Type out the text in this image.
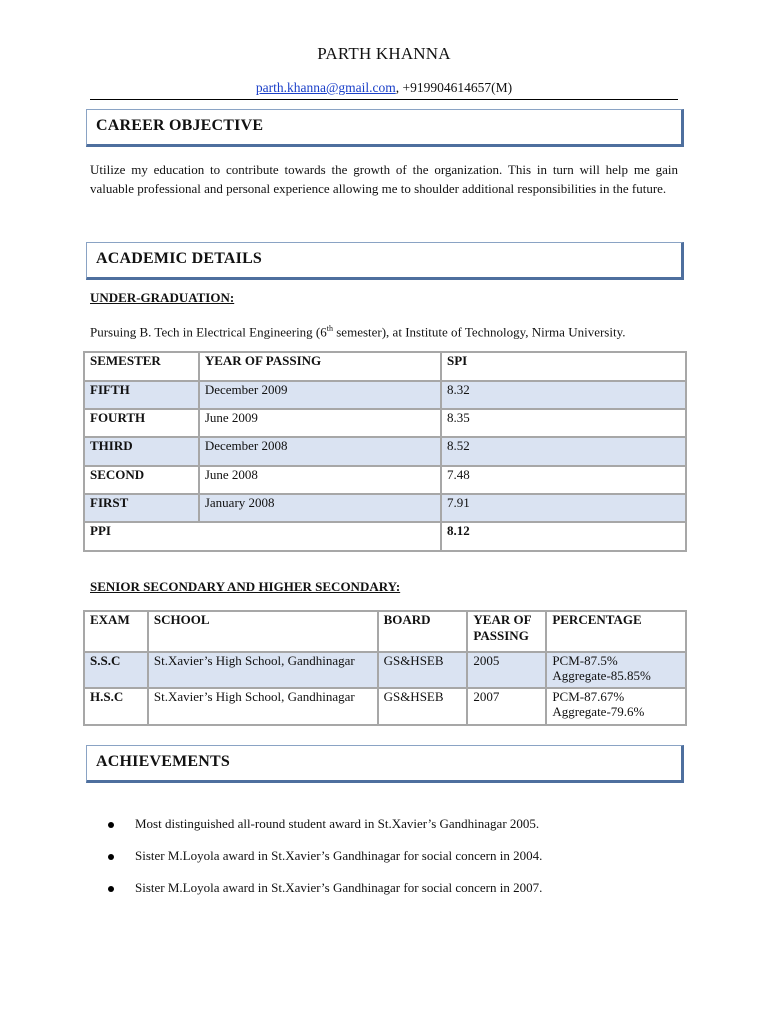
PARTH KHANNA
parth.khanna@gmail.com, +919904614657(M)
CAREER OBJECTIVE
Utilize my education to contribute towards the growth of the organization. This in turn will help me gain valuable professional and personal experience allowing me to shoulder additional responsibilities in the future.
ACADEMIC DETAILS
UNDER-GRADUATION:
Pursuing B. Tech in Electrical Engineering (6th semester), at Institute of Technology, Nirma University.
SEMESTER	YEAR OF PASSING	SPI
FIFTH	December 2009	8.32
FOURTH	June 2009	8.35
THIRD	December 2008	8.52
SECOND	June 2008	7.48
FIRST	January 2008	7.91
PPI		8.12
SENIOR SECONDARY AND HIGHER SECONDARY:
EXAM	SCHOOL	BOARD	YEAR OF PASSING	PERCENTAGE
S.S.C	St.Xavier’s High School, Gandhinagar	GS&HSEB	2005	PCM-87.5%
Aggregate-85.85%

H.S.C	St.Xavier’s High School, Gandhinagar	GS&HSEB	2007	PCM-87.67%
Aggregate-79.6%
ACHIEVEMENTS
Most distinguished all-round student award in St.Xavier’s Gandhinagar 2005.
Sister M.Loyola award in St.Xavier’s Gandhinagar for social concern in 2004.
Sister M.Loyola award in St.Xavier’s Gandhinagar for social concern in 2007.
